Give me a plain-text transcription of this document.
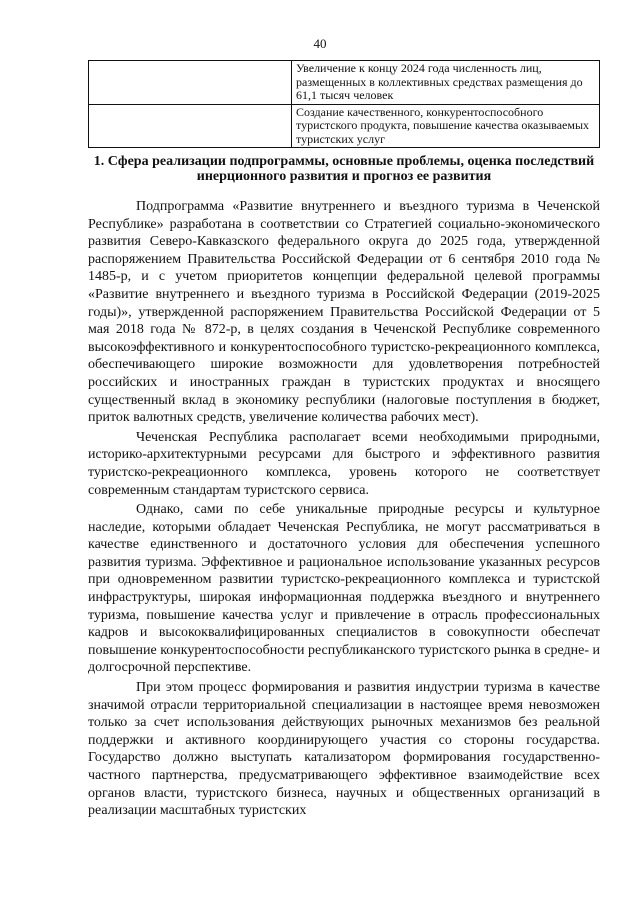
40
	Увеличение к концу 2024 года численность лиц, размещенных в коллективных средствах размещения до 61,1 тысяч человек
	Создание качественного, конкурентоспособного туристского продукта, повышение качества оказываемых туристских услуг
1. Сфера реализации подпрограммы, основные проблемы, оценка последствий инерционного развития и прогноз ее развития

Подпрограмма «Развитие внутреннего и въездного туризма в Чеченской Республике» разработана в соответствии со Стратегией социально-экономического развития Северо-Кавказского федерального округа до 2025 года, утвержденной распоряжением Правительства Российской Федерации от 6 сентября 2010 года № 1485-р, и с учетом приоритетов концепции федеральной целевой программы «Развитие внутреннего и въездного туризма в Российской Федерации (2019-2025 годы)», утвержденной распоряжением Правительства Российской Федерации от 5 мая 2018 года № 872-р, в целях создания в Чеченской Республике современного высокоэффективного и конкурентоспособного туристско-рекреационного комплекса, обеспечивающего широкие возможности для удовлетворения потребностей российских и иностранных граждан в туристских продуктах и вносящего существенный вклад в экономику республики (налоговые поступления в бюджет, приток валютных средств, увеличение количества рабочих мест).

Чеченская Республика располагает всеми необходимыми природными, историко-архитектурными ресурсами для быстрого и эффективного развития туристско-рекреационного комплекса, уровень которого не соответствует современным стандартам туристского сервиса.

Однако, сами по себе уникальные природные ресурсы и культурное наследие, которыми обладает Чеченская Республика, не могут рассматриваться в качестве единственного и достаточного условия для обеспечения успешного развития туризма. Эффективное и рациональное использование указанных ресурсов при одновременном развитии туристско-рекреационного комплекса и туристской инфраструктуры, широкая информационная поддержка въездного и внутреннего туризма, повышение качества услуг и привлечение в отрасль профессиональных кадров и высококвалифицированных специалистов в совокупности обеспечат повышение конкурентоспособности республиканского туристского рынка в средне- и долгосрочной перспективе.

При этом процесс формирования и развития индустрии туризма в качестве значимой отрасли территориальной специализации в настоящее время невозможен только за счет использования действующих рыночных механизмов без реальной поддержки и активного координирующего участия со стороны государства. Государство должно выступать катализатором формирования государственно-частного партнерства, предусматривающего эффективное взаимодействие всех органов власти, туристского бизнеса, научных и общественных организаций в реализации масштабных туристских
